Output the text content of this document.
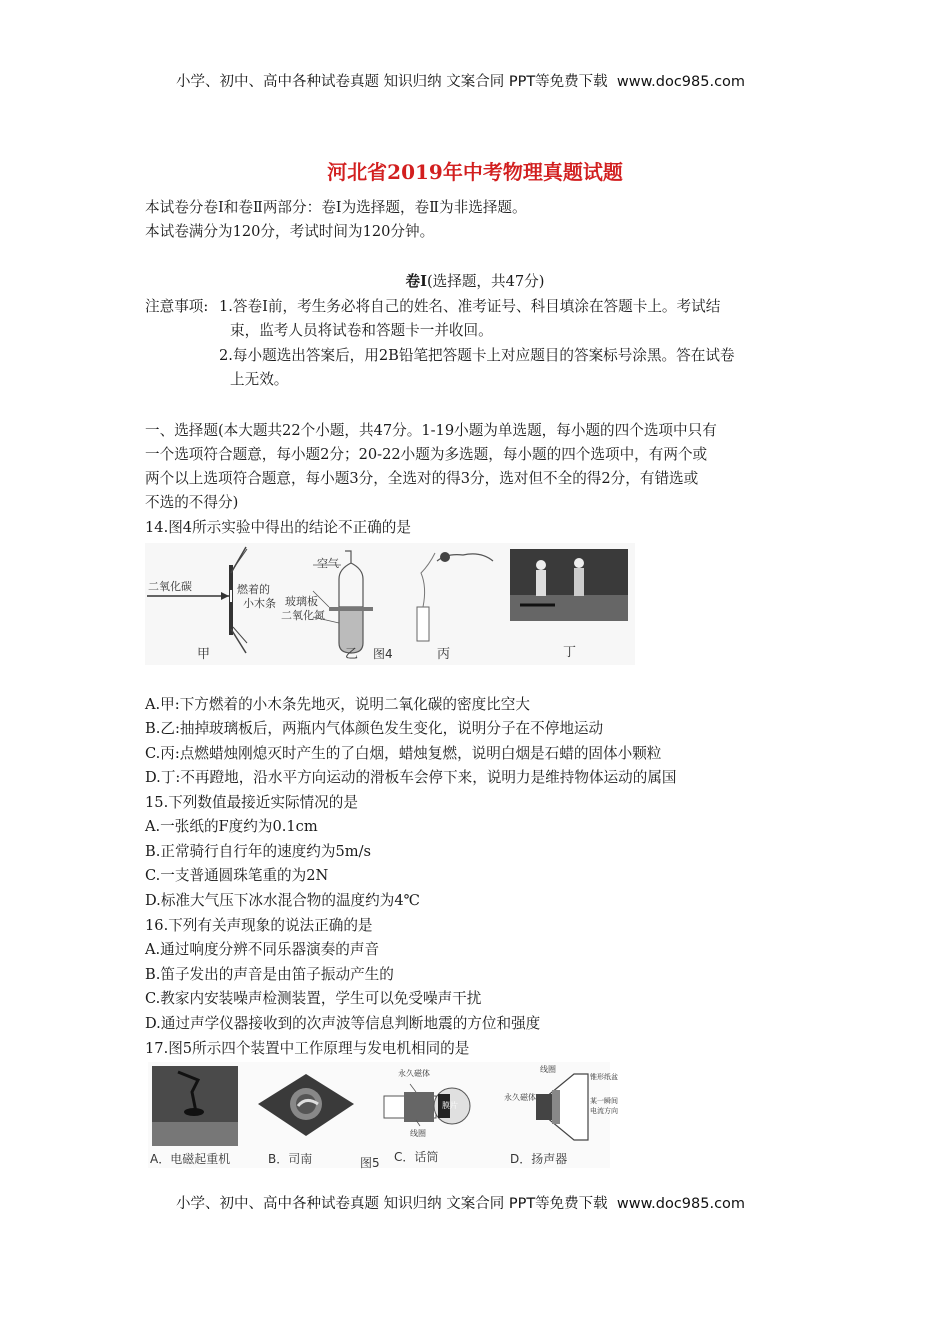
小学、初中、高中各种试卷真题 知识归纳 文案合同 PPT等免费下载 www.doc985.com
河北省2019年中考物理真题试题
本试卷分卷Ⅰ和卷Ⅱ两部分：卷Ⅰ为选择题，卷Ⅱ为非选择题。
本试卷满分为120分，考试时间为120分钟。
卷Ⅰ(选择题，共47分)
注意事项: 1.答卷Ⅰ前，考生务必将自己的姓名、准考证号、科目填涂在答题卡上。考试结
束，监考人员将试卷和答题卡一并收回。
2.每小题选出答案后，用2B铅笔把答题卡上对应题目的答案标号涂黑。答在试卷
上无效。
一、选择题(本大题共22个小题，共47分。1-19小题为单选题，每小题的四个选项中只有
一个选项符合题意，每小题2分；20-22小题为多选题，每小题的四个选项中，有两个或
两个以上选项符合题意，每小题3分，全选对的得3分，选对但不全的得2分，有错选或
不选的不得分)
14.图4所示实验中得出的结论不正确的是
二氧化碳	燃着的
小木条
甲
空气
玻璃板
二氧化氮
乙 图4	丙	丁
A.甲:下方燃着的小木条先地灭，说明二氧化碳的密度比空大
B.乙:抽掉玻璃板后，两瓶内气体颜色发生变化，说明分子在不停地运动
C.丙:点燃蜡烛刚熄灭时产生的了白烟，蜡烛复燃，说明白烟是石蜡的固体小颗粒
D.丁:不再蹬地，沿水平方向运动的滑板车会停下来，说明力是维持物体运动的属国
15.下列数值最接近实际情况的是
A.一张纸的F度约为0.1cm
B.正常骑行自行年的速度约为5m/s
C.一支普通圆珠笔重的为2N
D.标准大气压下冰水混合物的温度约为4℃
16.下列有关声现象的说法正确的是
A.通过响度分辨不同乐器演奏的声音
B.笛子发出的声音是由笛子振动产生的
C.教家内安装噪声检测装置，学生可以免受噪声干扰
D.通过声学仪器接收到的次声波等信息判断地震的方位和强度
17.图5所示四个装置中工作原理与发电机相同的是
A．电磁起重机	B．司南	图5 C．话筒	D．扬声器
永久磁体
膜片
线圈
线圈
永久磁体
锥形纸盆
某一瞬间
电流方向
小学、初中、高中各种试卷真题 知识归纳 文案合同 PPT等免费下载 www.doc985.com
